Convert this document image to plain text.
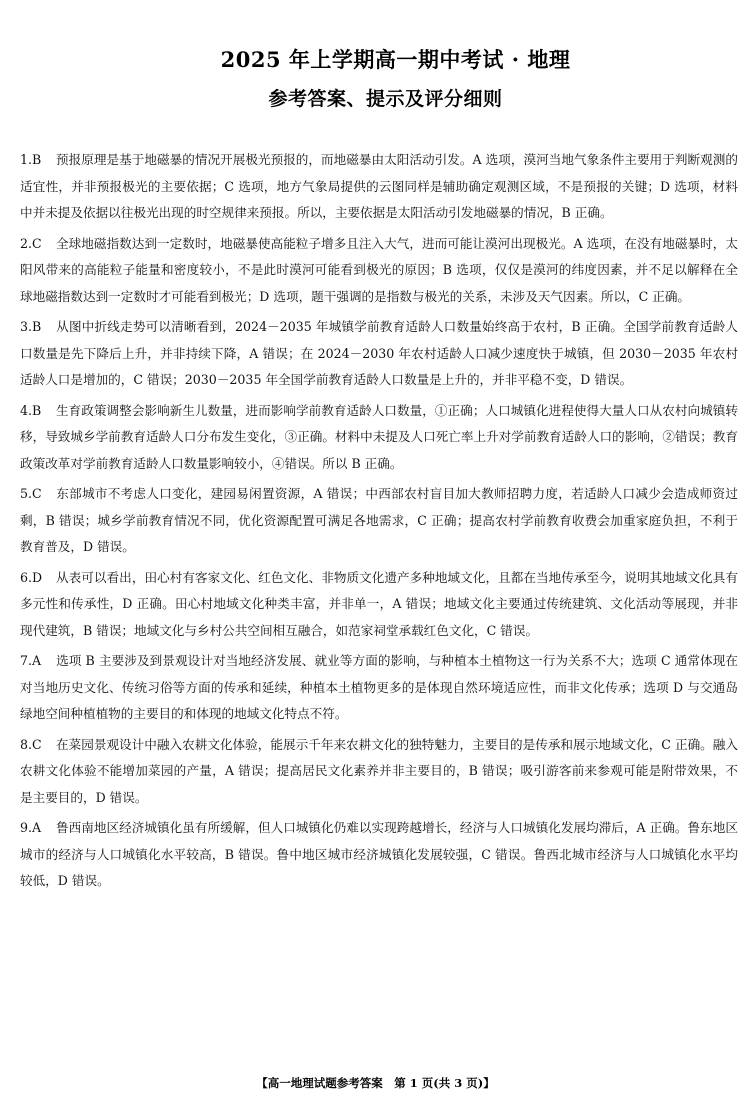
2025 年上学期高一期中考试 · 地理
参考答案、提示及评分细则
1.B 预报原理是基于地磁暴的情况开展极光预报的，而地磁暴由太阳活动引发。A 选项，漠河当地气象条件主要用于判断观测的适宜性，并非预报极光的主要依据；C 选项，地方气象局提供的云图同样是辅助确定观测区域，不是预报的关键；D 选项，材料中并未提及依据以往极光出现的时空规律来预报。所以，主要依据是太阳活动引发地磁暴的情况，B 正确。
2.C 全球地磁指数达到一定数时，地磁暴使高能粒子增多且注入大气，进而可能让漠河出现极光。A 选项，在没有地磁暴时，太阳风带来的高能粒子能量和密度较小，不是此时漠河可能看到极光的原因；B 选项，仅仅是漠河的纬度因素，并不足以解释在全球地磁指数达到一定数时才可能看到极光；D 选项，题干强调的是指数与极光的关系，未涉及天气因素。所以，C 正确。
3.B 从图中折线走势可以清晰看到，2024－2035 年城镇学前教育适龄人口数量始终高于农村，B 正确。全国学前教育适龄人口数量是先下降后上升，并非持续下降，A 错误；在 2024－2030 年农村适龄人口减少速度快于城镇，但 2030－2035 年农村适龄人口是增加的，C 错误；2030－2035 年全国学前教育适龄人口数量是上升的，并非平稳不变，D 错误。
4.B 生育政策调整会影响新生儿数量，进而影响学前教育适龄人口数量，①正确；人口城镇化进程使得大量人口从农村向城镇转移，导致城乡学前教育适龄人口分布发生变化，③正确。材料中未提及人口死亡率上升对学前教育适龄人口的影响，②错误；教育政策改革对学前教育适龄人口数量影响较小，④错误。所以 B 正确。
5.C 东部城市不考虑人口变化，建园易闲置资源，A 错误；中西部农村盲目加大教师招聘力度，若适龄人口减少会造成师资过剩，B 错误；城乡学前教育情况不同，优化资源配置可满足各地需求，C 正确；提高农村学前教育收费会加重家庭负担，不利于教育普及，D 错误。
6.D 从表可以看出，田心村有客家文化、红色文化、非物质文化遗产多种地域文化，且都在当地传承至今，说明其地域文化具有多元性和传承性，D 正确。田心村地域文化种类丰富，并非单一，A 错误；地域文化主要通过传统建筑、文化活动等展现，并非现代建筑，B 错误；地域文化与乡村公共空间相互融合，如范家祠堂承载红色文化，C 错误。
7.A 选项 B 主要涉及到景观设计对当地经济发展、就业等方面的影响，与种植本土植物这一行为关系不大；选项 C 通常体现在对当地历史文化、传统习俗等方面的传承和延续，种植本土植物更多的是体现自然环境适应性，而非文化传承；选项 D 与交通岛绿地空间种植植物的主要目的和体现的地域文化特点不符。
8.C 在菜园景观设计中融入农耕文化体验，能展示千年来农耕文化的独特魅力，主要目的是传承和展示地域文化，C 正确。融入农耕文化体验不能增加菜园的产量，A 错误；提高居民文化素养并非主要目的，B 错误；吸引游客前来参观可能是附带效果，不是主要目的，D 错误。
9.A 鲁西南地区经济城镇化虽有所缓解，但人口城镇化仍难以实现跨越增长，经济与人口城镇化发展均滞后，A 正确。鲁东地区城市的经济与人口城镇化水平较高，B 错误。鲁中地区城市经济城镇化发展较强，C 错误。鲁西北城市经济与人口城镇化水平均较低，D 错误。
【高一地理试题参考答案　第 1 页(共 3 页)】
